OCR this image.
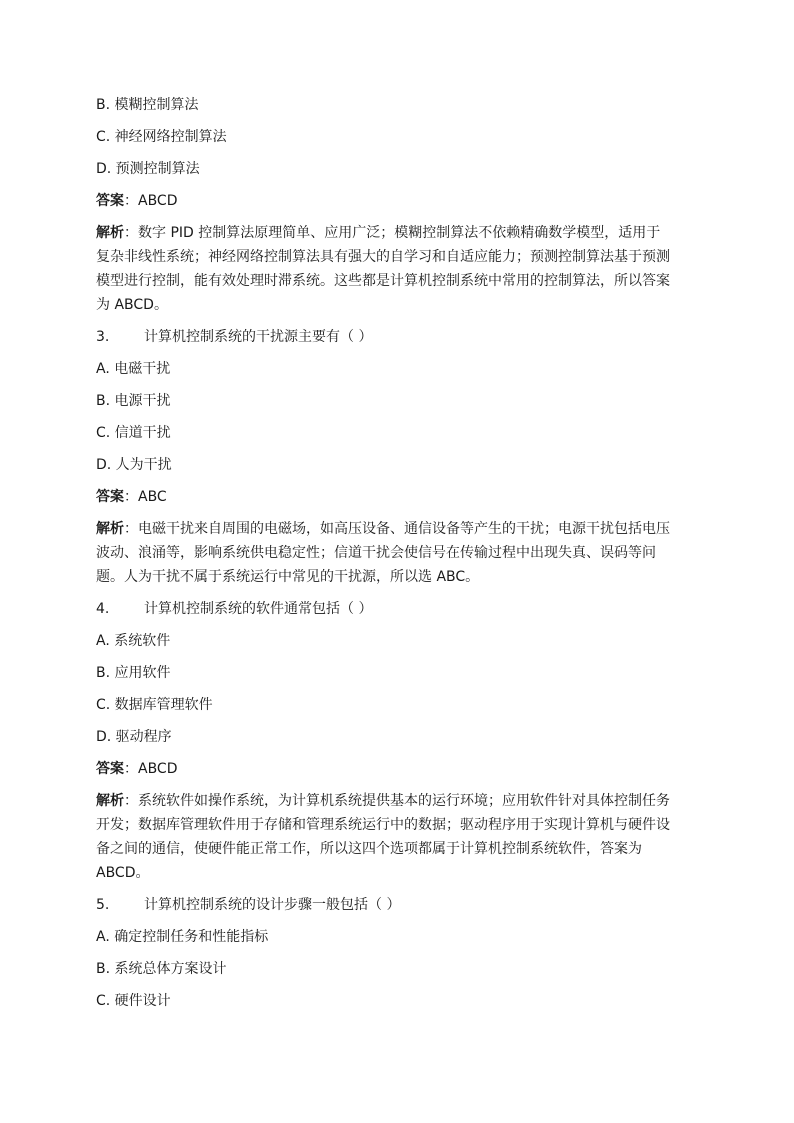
B. 模糊控制算法

C. 神经网络控制算法

D. 预测控制算法

答案：ABCD

解析：数字 PID 控制算法原理简单、应用广泛；模糊控制算法不依赖精确数学模型，适用于

复杂非线性系统；神经网络控制算法具有强大的自学习和自适应能力；预测控制算法基于预测

模型进行控制，能有效处理时滞系统。这些都是计算机控制系统中常用的控制算法，所以答案

为 ABCD。

3. 计算机控制系统的干扰源主要有（ ）

A. 电磁干扰

B. 电源干扰

C. 信道干扰

D. 人为干扰

答案：ABC

解析：电磁干扰来自周围的电磁场，如高压设备、通信设备等产生的干扰；电源干扰包括电压

波动、浪涌等，影响系统供电稳定性；信道干扰会使信号在传输过程中出现失真、误码等问

题。人为干扰不属于系统运行中常见的干扰源，所以选 ABC。

4. 计算机控制系统的软件通常包括（ ）

A. 系统软件

B. 应用软件

C. 数据库管理软件

D. 驱动程序

答案：ABCD

解析：系统软件如操作系统，为计算机系统提供基本的运行环境；应用软件针对具体控制任务

开发；数据库管理软件用于存储和管理系统运行中的数据；驱动程序用于实现计算机与硬件设

备之间的通信，使硬件能正常工作，所以这四个选项都属于计算机控制系统软件，答案为

ABCD。

5. 计算机控制系统的设计步骤一般包括（ ）

A. 确定控制任务和性能指标

B. 系统总体方案设计

C. 硬件设计
